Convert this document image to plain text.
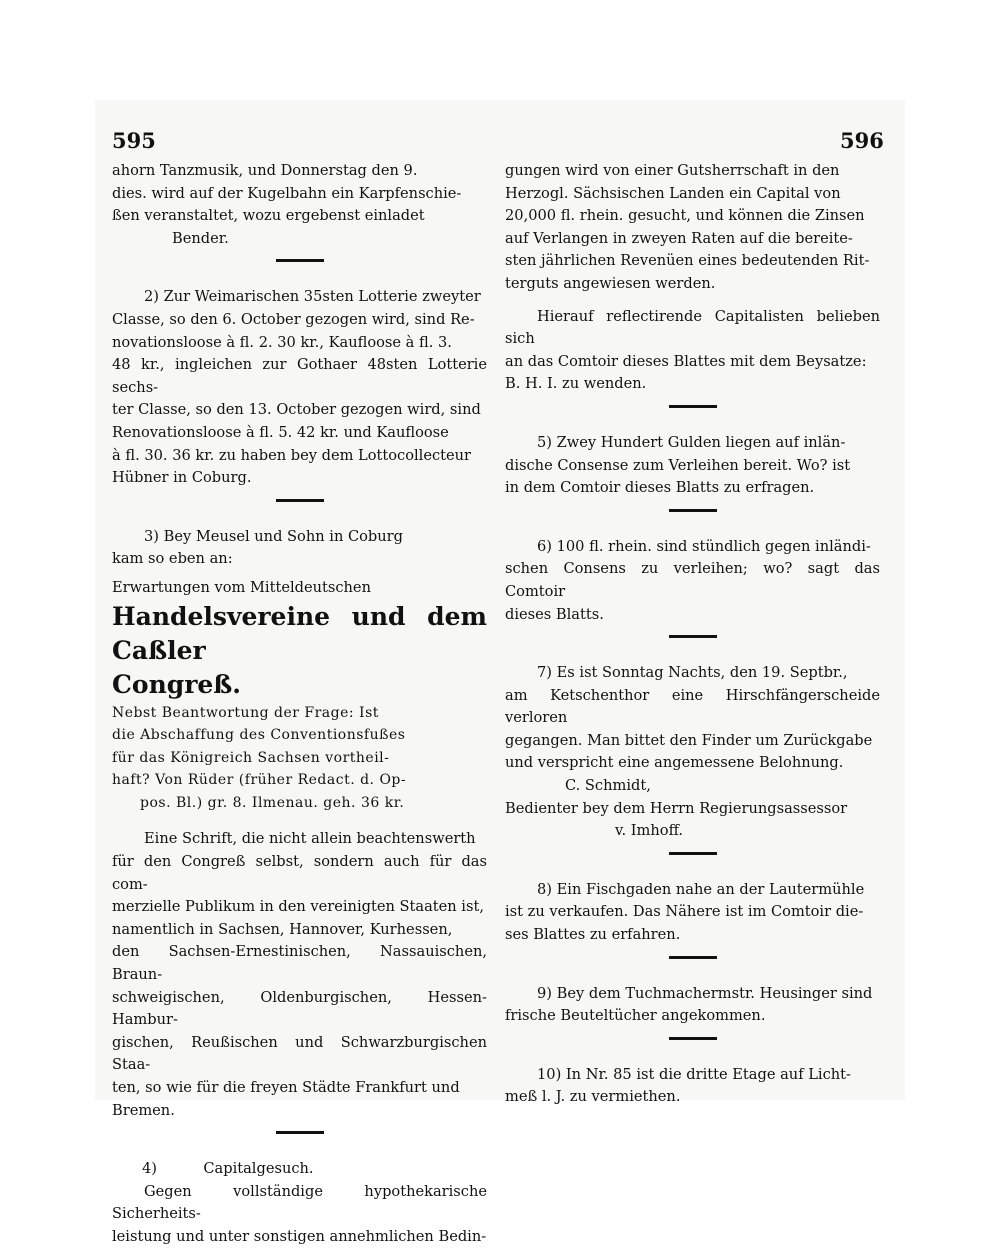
595	596

ahorn Tanzmusik, und Donnerstag den 9.

dies. wird auf der Kugelbahn ein Karpfenschie-

ßen veranstaltet, wozu ergebenst einladet

Bender.

2) Zur Weimarischen 35sten Lotterie zweyter

Classe, so den 6. October gezogen wird, sind Re-

novationsloose à fl. 2. 30 kr., Kaufloose à fl. 3.

48 kr., ingleichen zur Gothaer 48sten Lotterie sechs-

ter Classe, so den 13. October gezogen wird, sind

Renovationsloose à fl. 5. 42 kr. und Kaufloose

à fl. 30. 36 kr. zu haben bey dem Lottocollecteur

Hübner in Coburg.

3) Bey Meusel und Sohn in Coburg

kam so eben an:

Erwartungen vom Mitteldeutschen

Handelsvereine und dem Caßler

Congreß.

Nebst Beantwortung der Frage: Ist

die Abschaffung des Conventionsfußes

für das Königreich Sachsen vortheil-

haft? Von Rüder (früher Redact. d. Op-

pos. Bl.) gr. 8. Ilmenau. geh. 36 kr.

Eine Schrift, die nicht allein beachtenswerth

für den Congreß selbst, sondern auch für das com-

merzielle Publikum in den vereinigten Staaten ist,

namentlich in Sachsen, Hannover, Kurhessen,

den Sachsen-Ernestinischen, Nassauischen, Braun-

schweigischen, Oldenburgischen, Hessen-Hambur-

gischen, Reußischen und Schwarzburgischen Staa-

ten, so wie für die freyen Städte Frankfurt und

Bremen.

4)          Capitalgesuch.

Gegen vollständige hypothekarische Sicherheits-

leistung und unter sonstigen annehmlichen Bedin-

gungen wird von einer Gutsherrschaft in den

Herzogl. Sächsischen Landen ein Capital von

20,000 fl. rhein. gesucht, und können die Zinsen

auf Verlangen in zweyen Raten auf die bereite-

sten jährlichen Revenüen eines bedeutenden Rit-

terguts angewiesen werden.

Hierauf reflectirende Capitalisten belieben sich

an das Comtoir dieses Blattes mit dem Beysatze:

B. H. I. zu wenden.

5) Zwey Hundert Gulden liegen auf inlän-

dische Consense zum Verleihen bereit. Wo? ist

in dem Comtoir dieses Blatts zu erfragen.

6) 100 fl. rhein. sind stündlich gegen inländi-

schen Consens zu verleihen; wo? sagt das Comtoir

dieses Blatts.

7) Es ist Sonntag Nachts, den 19. Septbr.,

am Ketschenthor eine Hirschfängerscheide verloren

gegangen. Man bittet den Finder um Zurückgabe

und verspricht eine angemessene Belohnung.

C. Schmidt,

Bedienter bey dem Herrn Regierungsassessor

v. Imhoff.

8) Ein Fischgaden nahe an der Lautermühle

ist zu verkaufen. Das Nähere ist im Comtoir die-

ses Blattes zu erfahren.

9) Bey dem Tuchmachermstr. Heusinger sind

frische Beuteltücher angekommen.

10) In Nr. 85 ist die dritte Etage auf Licht-

meß l. J. zu vermiethen.
